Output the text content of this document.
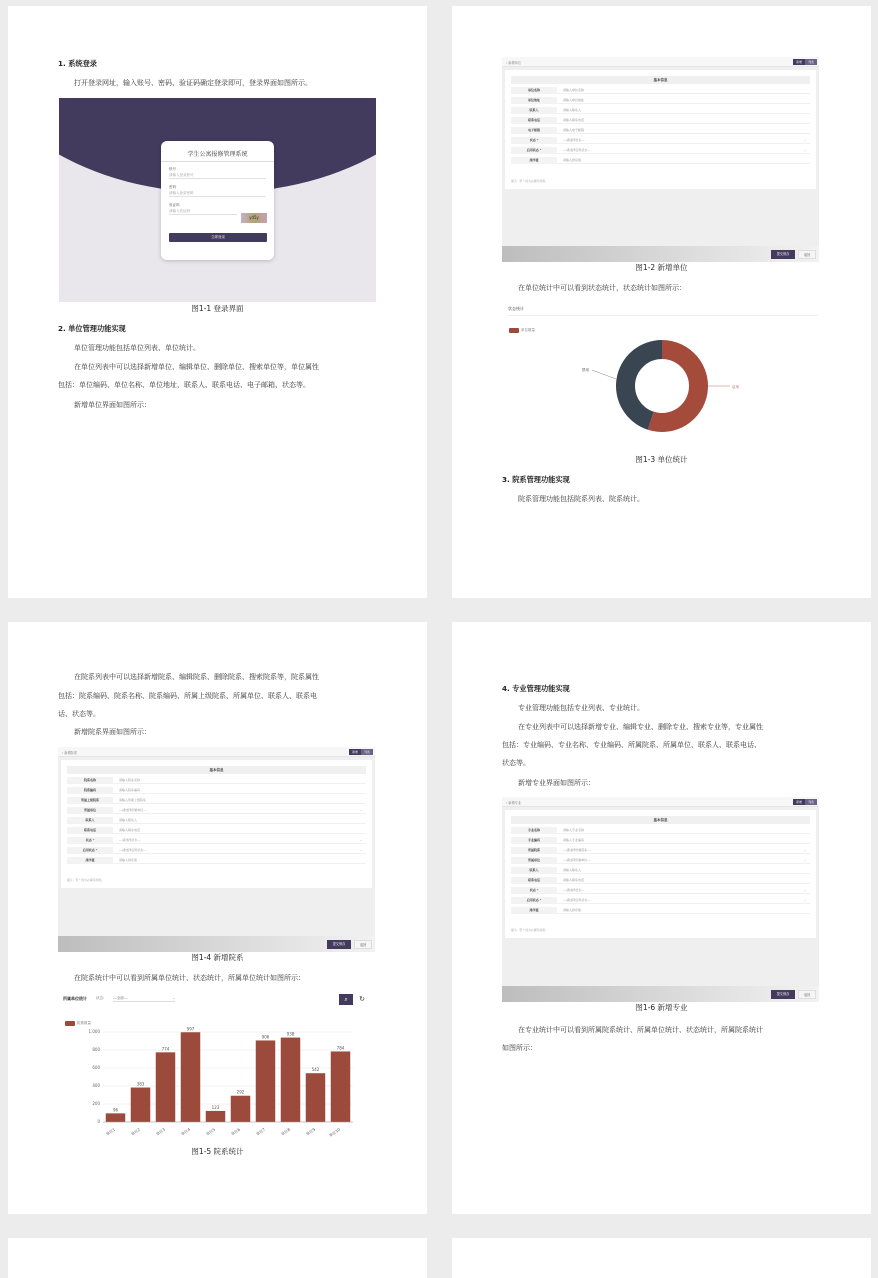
1. 系统登录
打开登录网址，输入账号、密码、验证码确定登录即可，登录界面如图所示。
学生公寓报修管理系统
账号
请输入登录账号
密码
请输入登录密码
验证码
请输入验证码
yd5y
立即登录
图1-1 登录界面
2. 单位管理功能实现
单位管理功能包括单位列表、单位统计。
在单位列表中可以选择新增单位、编辑单位、删除单位、搜索单位等，单位属性
包括：单位编码、单位名称、单位地址、联系人、联系电话、电子邮箱、状态等。
新增单位界面如图所示：
‹ 新增单位	新增	列表
基本信息
单位名称	请输入单位名称
单位地址	请输入单位地址
联系人	请输入联系人
联系电话	请输入联系电话
电子邮箱	请输入电子邮箱
状态 *	---请选择状态---	⌄
启用状态 *	---请选择启用状态---	⌄
排序值	请输入排序值
提示：带 * 的为必填写的项。
提交保存	返回
图1-2 新增单位
在单位统计中可以看到状态统计，状态统计如图所示：
状态统计
单位数量
启用
禁用
图1-3 单位统计
3. 院系管理功能实现
院系管理功能包括院系列表、院系统计。
在院系列表中可以选择新增院系、编辑院系、删除院系、搜索院系等，院系属性
包括：院系编码、院系名称、院系编码、所属上级院系、所属单位、联系人、联系电
话、状态等。
新增院系界面如图所示：
‹ 新增院系	新增	列表
基本信息
院系名称	请输入院系名称
院系编码	请输入院系编码
所属上级院系	请输入所属上级院系
所属单位	---请选择所属单位---	⌄
联系人	请输入联系人
联系电话	请输入联系电话
状态 *	---请选择状态---	⌄
启用状态 *	---请选择启用状态---	⌄
排序值	请输入排序值
提示：带 * 的为必填写的项。
提交保存	返回
图1-4 新增院系
在院系统计中可以看到所属单位统计、状态统计，所属单位统计如图所示：
所属单位统计	状态:	---全部---	⌄	⌕	↻
院系数量
0
200
400
600
800
1,000
96
单位1
383
单位2
774
单位3
997
单位4
123
单位5
292
单位6
906
单位7
938
单位8
542
单位9
784
单位10
图1-5 院系统计
4. 专业管理功能实现
专业管理功能包括专业列表、专业统计。
在专业列表中可以选择新增专业、编辑专业、删除专业、搜索专业等，专业属性
包括：专业编码、专业名称、专业编码、所属院系、所属单位、联系人、联系电话、
状态等。
新增专业界面如图所示：
‹ 新增专业	新增	列表
基本信息
专业名称	请输入专业名称
专业编码	请输入专业编码
所属院系	---请选择所属院系---	⌄
所属单位	---请选择所属单位---	⌄
联系人	请输入联系人
联系电话	请输入联系电话
状态 *	---请选择状态---	⌄
启用状态 *	---请选择启用状态---	⌄
排序值	请输入排序值
提示：带 * 的为必填写的项。
提交保存	返回
图1-6 新增专业
在专业统计中可以看到所属院系统计、所属单位统计、状态统计，所属院系统计
如图所示：
